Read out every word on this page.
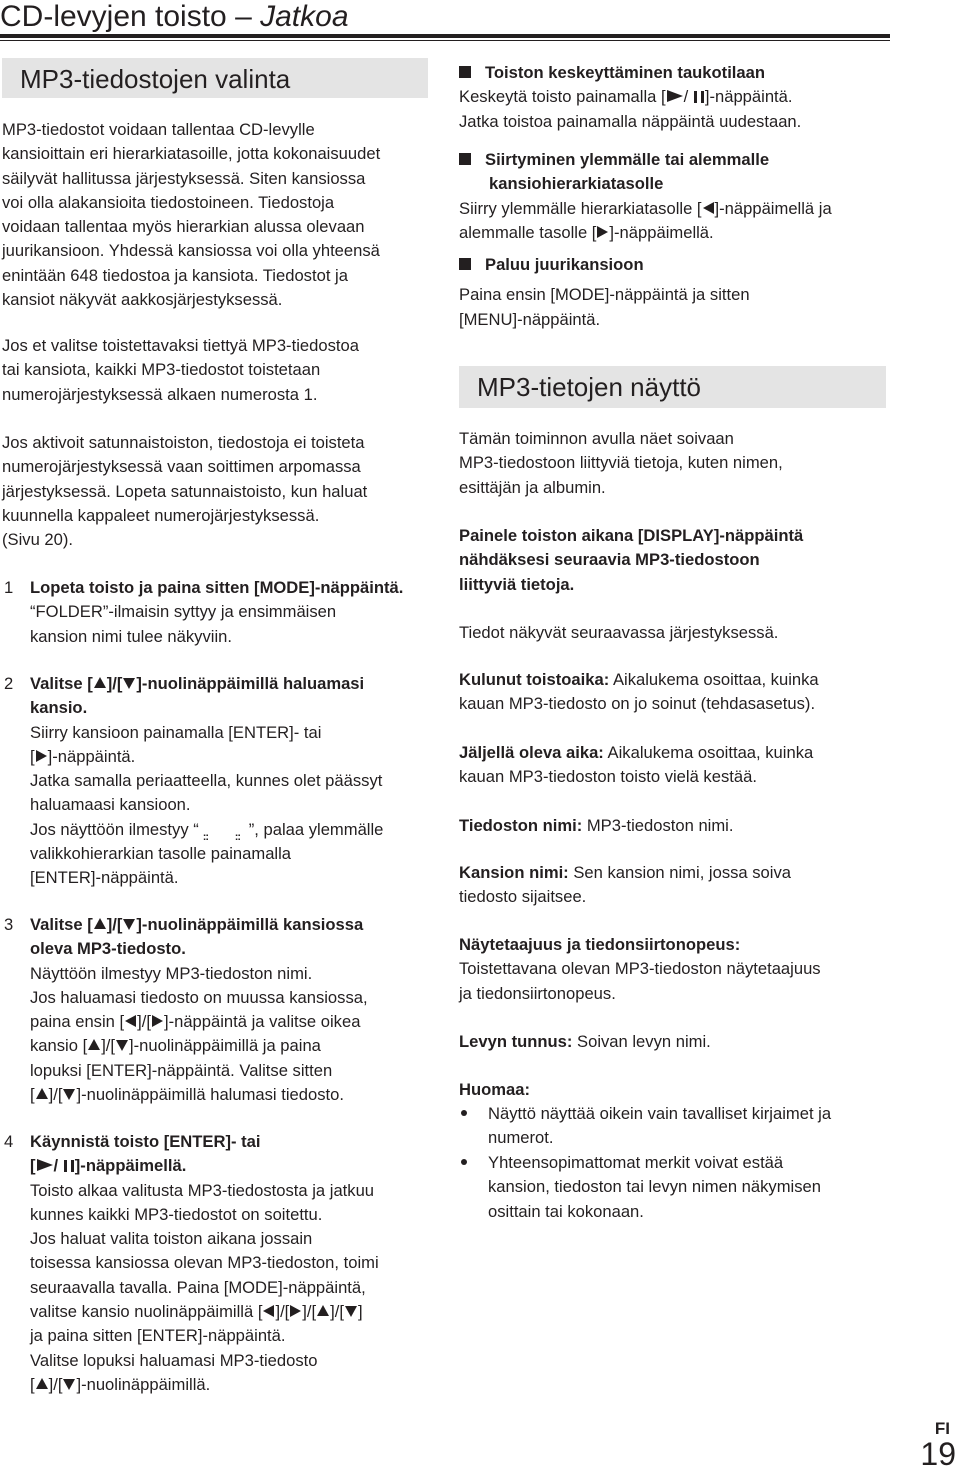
CD-levyjen toisto – Jatkoa
MP3-tiedostojen valinta
MP3-tiedostot voidaan tallentaa CD-levylle
kansioittain eri hierarkiatasoille, jotta kokonaisuudet
säilyvät hallitussa järjestyksessä. Siten kansiossa
voi olla alakansioita tiedostoineen. Tiedostoja
voidaan tallentaa myös hierarkian alussa olevaan
juurikansioon. Yhdessä kansiossa voi olla yhteensä
enintään 648 tiedostoa ja kansiota. Tiedostot ja
kansiot näkyvät aakkosjärjestyksessä.
Jos et valitse toistettavaksi tiettyä MP3-tiedostoa
tai kansiota, kaikki MP3-tiedostot toistetaan
numerojärjestyksessä alkaen numerosta 1.
Jos aktivoit satunnaistoiston, tiedostoja ei toisteta
numerojärjestyksessä vaan soittimen arpomassa
järjestyksessä. Lopeta satunnaistoisto, kun haluat
kuunnella kappaleet numerojärjestyksessä.
(Sivu 20).
1 Lopeta toisto ja paina sitten [MODE]-näppäintä.
“FOLDER”-ilmaisin syttyy ja ensimmäisen
kansion nimi tulee näkyviin.
2 Valitse [ ]/[ ]-nuolinäppäimillä haluamasi
kansio.
Siirry kansioon painamalla [ENTER]- tai
[ ]-näppäintä.
Jatka samalla periaatteella, kunnes olet päässyt
haluamaasi kansioon.
Jos näyttöön ilmestyy “ :: :: ”, palaa ylemmälle
valikkohierarkian tasolle painamalla
[ENTER]-näppäintä.
3 Valitse [ ]/[ ]-nuolinäppäimillä kansiossa
oleva MP3-tiedosto.
Näyttöön ilmestyy MP3-tiedoston nimi.
Jos haluamasi tiedosto on muussa kansiossa,
paina ensin [ ]/[ ]-näppäintä ja valitse oikea
kansio [ ]/[ ]-nuolinäppäimillä ja paina
lopuksi [ENTER]-näppäintä. Valitse sitten
[ ]/[ ]-nuolinäppäimillä halumasi tiedosto.
4 Käynnistä toisto [ENTER]- tai
[ / ]-näppäimellä.
Toisto alkaa valitusta MP3-tiedostosta ja jatkuu
kunnes kaikki MP3-tiedostot on soitettu.
Jos haluat valita toiston aikana jossain
toisessa kansiossa olevan MP3-tiedoston, toimi
seuraavalla tavalla. Paina [MODE]-näppäintä,
valitse kansio nuolinäppäimillä [ ]/[ ]/[ ]/[ ]
ja paina sitten [ENTER]-näppäintä.
Valitse lopuksi haluamasi MP3-tiedosto
[ ]/[ ]-nuolinäppäimillä.
Toiston keskeyttäminen taukotilaan
Keskeytä toisto painamalla [ / ]-näppäintä.
Jatka toistoa painamalla näppäintä uudestaan.
Siirtyminen ylemmälle tai alemmalle
kansiohierarkiatasolle
Siirry ylemmälle hierarkiatasolle [ ]-näppäimellä ja
alemmalle tasolle [ ]-näppäimellä.
Paluu juurikansioon
Paina ensin [MODE]-näppäintä ja sitten
[MENU]-näppäintä.
MP3-tietojen näyttö
Tämän toiminnon avulla näet soivaan
MP3-tiedostoon liittyviä tietoja, kuten nimen,
esittäjän ja albumin.
Painele toiston aikana [DISPLAY]-näppäintä
nähdäksesi seuraavia MP3-tiedostoon
liittyviä tietoja.
Tiedot näkyvät seuraavassa järjestyksessä.
Kulunut toistoaika: Aikalukema osoittaa, kuinka
kauan MP3-tiedosto on jo soinut (tehdasasetus).
Jäljellä oleva aika: Aikalukema osoittaa, kuinka
kauan MP3-tiedoston toisto vielä kestää.
Tiedoston nimi: MP3-tiedoston nimi.
Kansion nimi: Sen kansion nimi, jossa soiva
tiedosto sijaitsee.
Näytetaajuus ja tiedonsiirtonopeus:
Toistettavana olevan MP3-tiedoston näytetaajuus
ja tiedonsiirtonopeus.
Levyn tunnus: Soivan levyn nimi.
Huomaa:
Näyttö näyttää oikein vain tavalliset kirjaimet ja
numerot.
Yhteensopimattomat merkit voivat estää
kansion, tiedoston tai levyn nimen näkymisen
osittain tai kokonaan.
FI
19
